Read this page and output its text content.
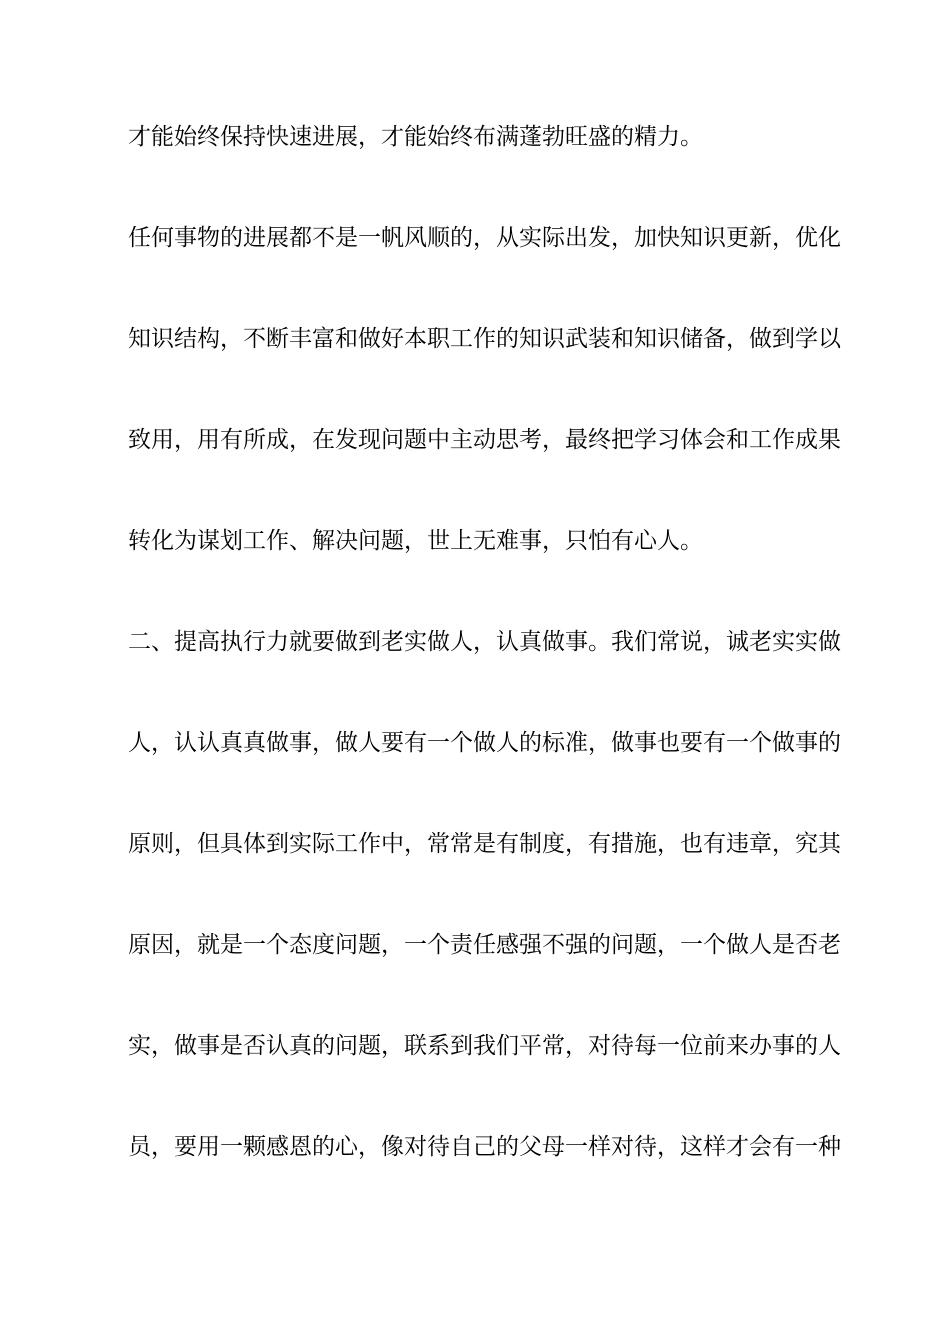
才能始终保持快速进展，才能始终布满蓬勃旺盛的精力。
任何事物的进展都不是一帆风顺的，从实际出发，加快知识更新，优化
知识结构，不断丰富和做好本职工作的知识武装和知识储备，做到学以
致用，用有所成，在发现问题中主动思考，最终把学习体会和工作成果
转化为谋划工作、解决问题，世上无难事，只怕有心人。
二、提高执行力就要做到老实做人，认真做事。我们常说，诚老实实做
人，认认真真做事，做人要有一个做人的标准，做事也要有一个做事的
原则，但具体到实际工作中，常常是有制度，有措施，也有违章，究其
原因，就是一个态度问题，一个责任感强不强的问题，一个做人是否老
实，做事是否认真的问题，联系到我们平常，对待每一位前来办事的人
员，要用一颗感恩的心，像对待自己的父母一样对待，这样才会有一种
